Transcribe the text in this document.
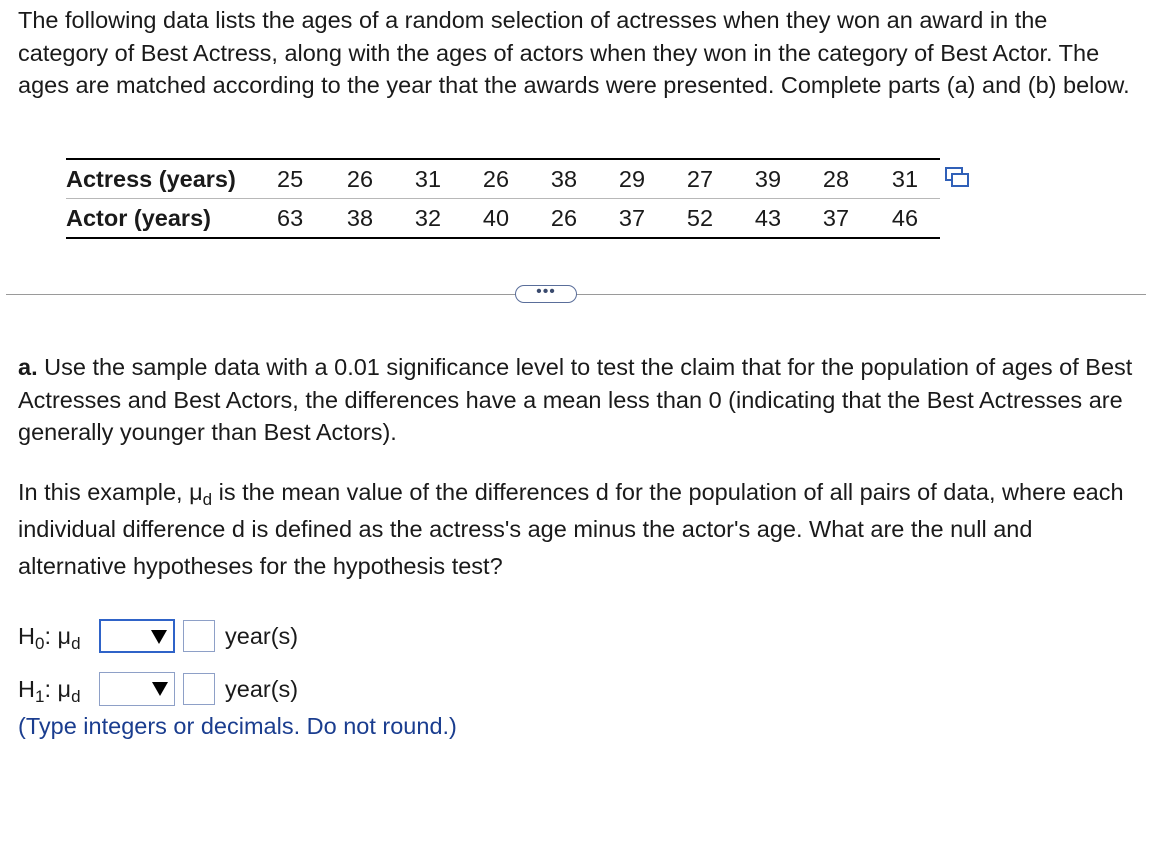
The following data lists the ages of a random selection of actresses when they won an award in the category of Best Actress, along with the ages of actors when they won in the category of Best Actor. The ages are matched according to the year that the awards were presented. Complete parts (a) and (b) below.

Actress (years)	25	26	31	26	38	29	27	39	28	31
Actor (years)	63	38	32	40	26	37	52	43	37	46
•••

a. Use the sample data with a 0.01 significance level to test the claim that for the population of ages of Best Actresses and Best Actors, the differences have a mean less than 0 (indicating that the Best Actresses are generally younger than Best Actors).

In this example, $\mu_d$ is the mean value of the differences d for the population of all pairs of data, where each individual difference d is defined as the actress's age minus the actor's age. What are the null and alternative hypotheses for the hypothesis test?

$H_0$: $\mu_d$	year(s)
$H_1$: $\mu_d$	year(s)

(Type integers or decimals. Do not round.)
